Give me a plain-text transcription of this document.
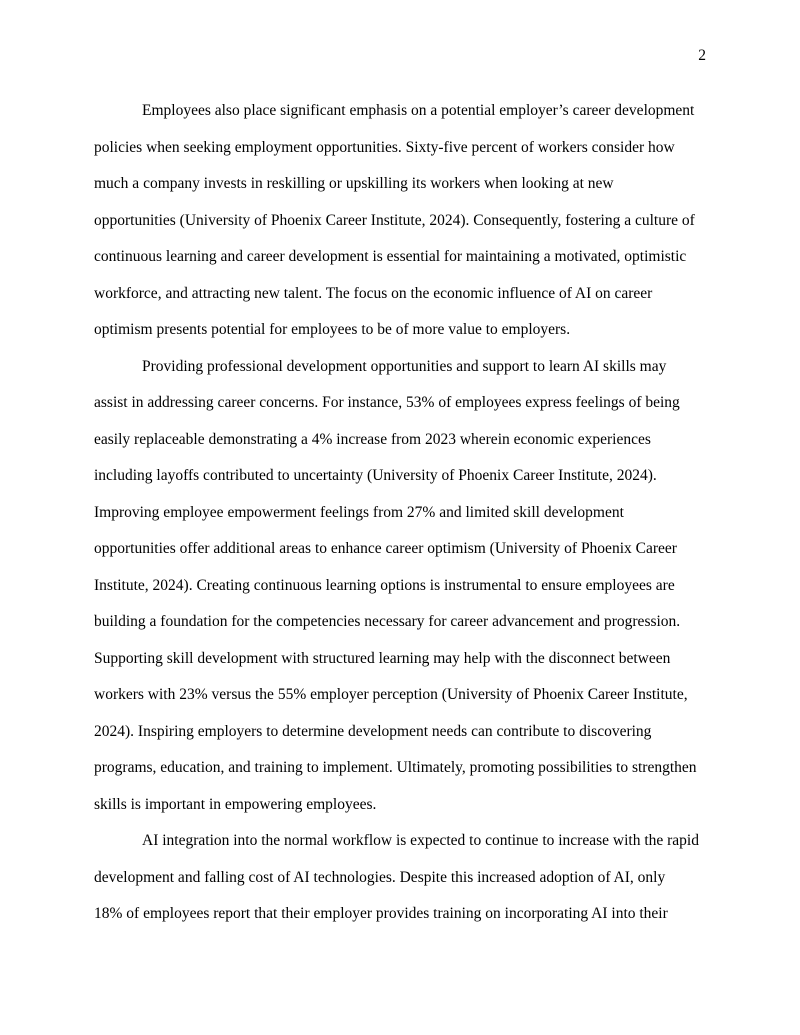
2
Employees also place significant emphasis on a potential employer’s career development
policies when seeking employment opportunities. Sixty-five percent of workers consider how
much a company invests in reskilling or upskilling its workers when looking at new
opportunities (University of Phoenix Career Institute, 2024). Consequently, fostering a culture of
continuous learning and career development is essential for maintaining a motivated, optimistic
workforce, and attracting new talent. The focus on the economic influence of AI on career
optimism presents potential for employees to be of more value to employers.
Providing professional development opportunities and support to learn AI skills may
assist in addressing career concerns. For instance, 53% of employees express feelings of being
easily replaceable demonstrating a 4% increase from 2023 wherein economic experiences
including layoffs contributed to uncertainty (University of Phoenix Career Institute, 2024).
Improving employee empowerment feelings from 27% and limited skill development
opportunities offer additional areas to enhance career optimism (University of Phoenix Career
Institute, 2024). Creating continuous learning options is instrumental to ensure employees are
building a foundation for the competencies necessary for career advancement and progression.
Supporting skill development with structured learning may help with the disconnect between
workers with 23% versus the 55% employer perception (University of Phoenix Career Institute,
2024). Inspiring employers to determine development needs can contribute to discovering
programs, education, and training to implement. Ultimately, promoting possibilities to strengthen
skills is important in empowering employees.
AI integration into the normal workflow is expected to continue to increase with the rapid
development and falling cost of AI technologies. Despite this increased adoption of AI, only
18% of employees report that their employer provides training on incorporating AI into their
